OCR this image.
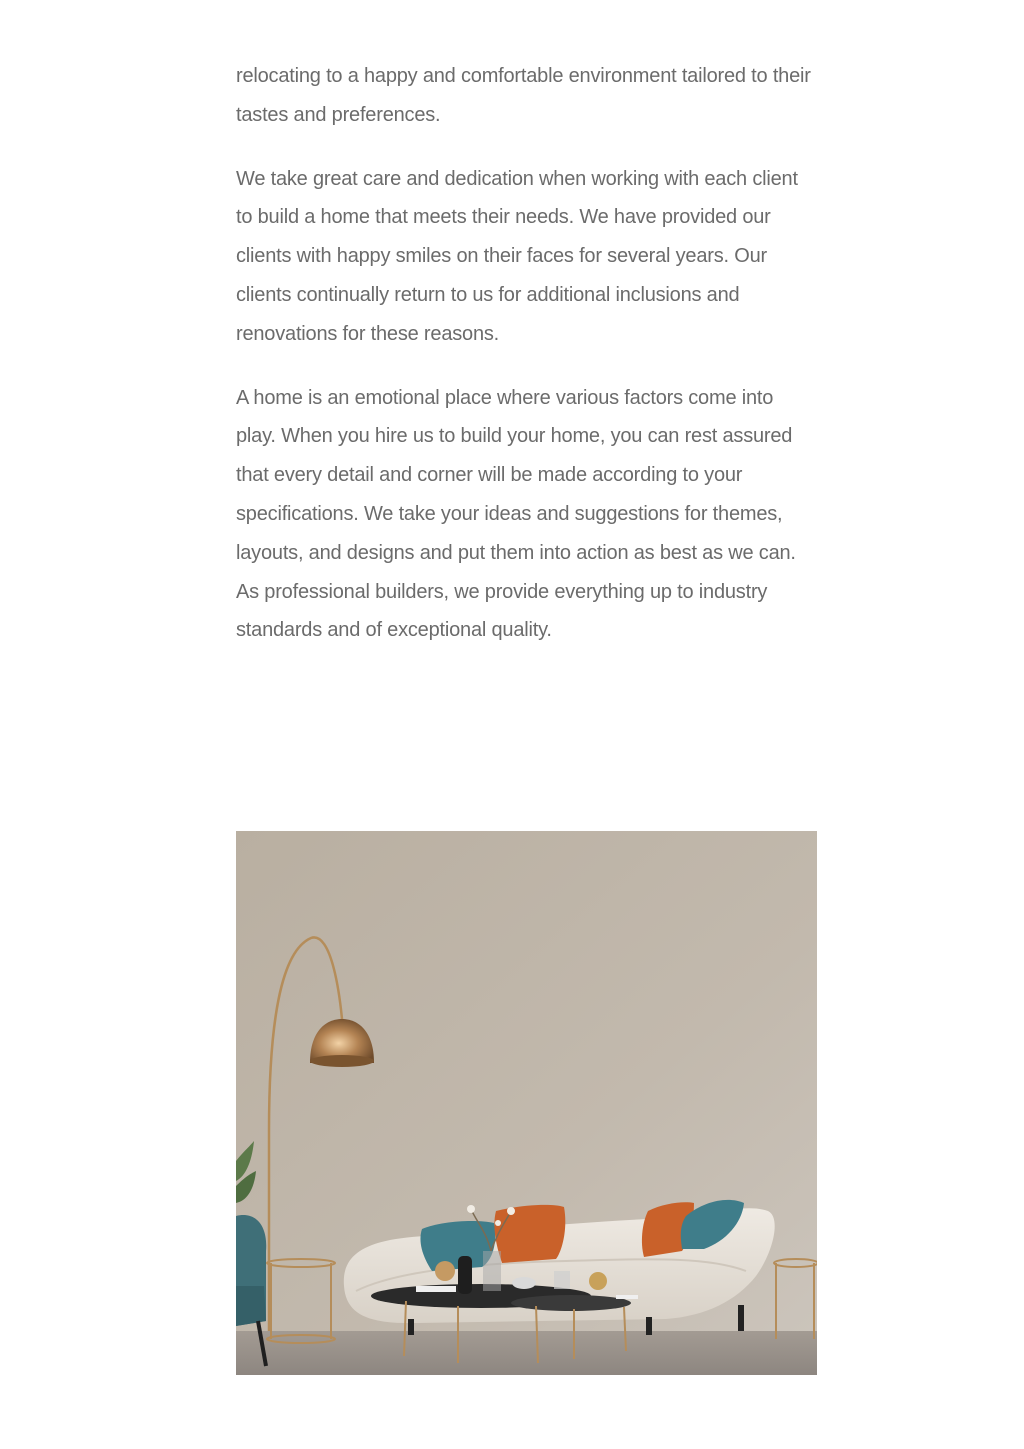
relocating to a happy and comfortable environment tailored to their tastes and preferences.

We take great care and dedication when working with each client to build a home that meets their needs. We have provided our clients with happy smiles on their faces for several years. Our clients continually return to us for additional inclusions and renovations for these reasons.

A home is an emotional place where various factors come into play. When you hire us to build your home, you can rest assured that every detail and corner will be made according to your specifications. We take your ideas and suggestions for themes, layouts, and designs and put them into action as best as we can. As professional builders, we provide everything up to industry standards and of exceptional quality.
